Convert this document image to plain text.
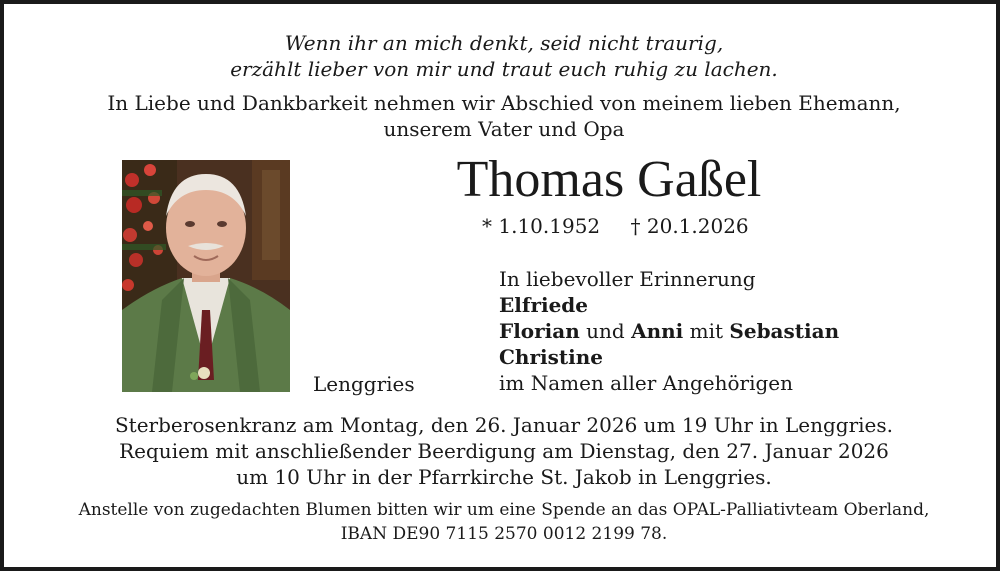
Wenn ihr an mich denkt, seid nicht traurig,
erzählt lieber von mir und traut euch ruhig zu lachen.
In Liebe und Dankbarkeit nehmen wir Abschied von meinem lieben Ehemann,
unserem Vater und Opa
Thomas Gaßel
* 1.10.1952 † 20.1.2026
Lenggries
In liebevoller Erinnerung
Elfriede
Florian und Anni mit Sebastian
Christine
im Namen aller Angehörigen
Sterberosenkranz am Montag, den 26. Januar 2026 um 19 Uhr in Lenggries.
Requiem mit anschließender Beerdigung am Dienstag, den 27. Januar 2026
um 10 Uhr in der Pfarrkirche St. Jakob in Lenggries.
Anstelle von zugedachten Blumen bitten wir um eine Spende an das OPAL-Palliativteam Oberland,
IBAN DE90 7115 2570 0012 2199 78.
